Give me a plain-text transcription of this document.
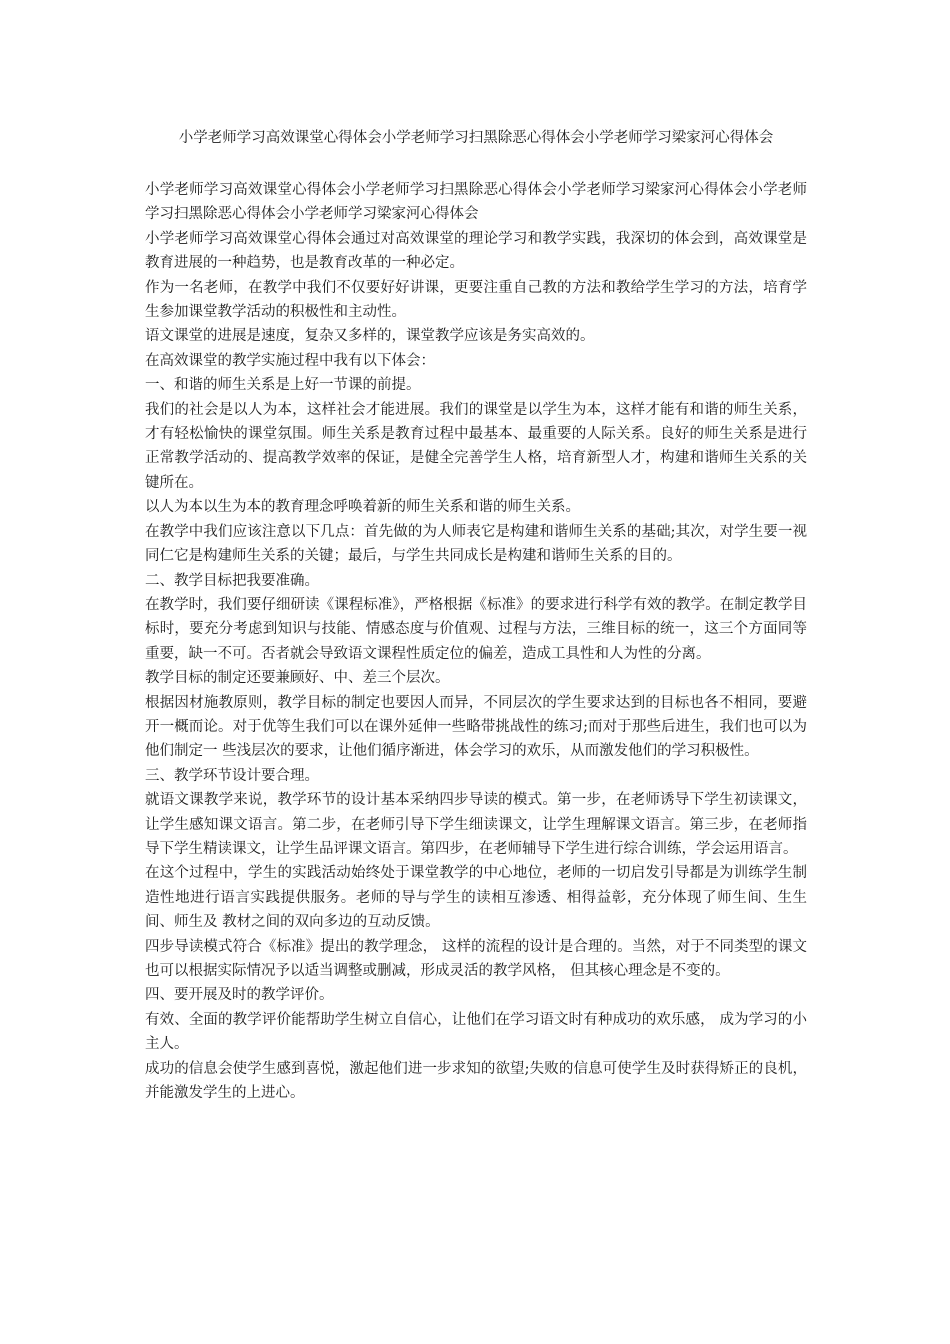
小学老师学习高效课堂心得体会小学老师学习扫黑除恶心得体会小学老师学习梁家河心得体会

小学老师学习高效课堂心得体会小学老师学习扫黑除恶心得体会小学老师学习梁家河心得体会小学老师学习扫黑除恶心得体会小学老师学习梁家河心得体会

小学老师学习高效课堂心得体会通过对高效课堂的理论学习和教学实践，我深切的体会到，高效课堂是教育进展的一种趋势，也是教育改革的一种必定。

作为一名老师，在教学中我们不仅要好好讲课，更要注重自己教的方法和教给学生学习的方法，培育学生参加课堂教学活动的积极性和主动性。

语文课堂的进展是速度，复杂又多样的，课堂教学应该是务实高效的。

在高效课堂的教学实施过程中我有以下体会：

一、和谐的师生关系是上好一节课的前提。

我们的社会是以人为本，这样社会才能进展。我们的课堂是以学生为本，这样才能有和谐的师生关系，才有轻松愉快的课堂氛围。师生关系是教育过程中最基本、最重要的人际关系。良好的师生关系是进行正常教学活动的、提高教学效率的保证，是健全完善学生人格，培育新型人才，构建和谐师生关系的关键所在。

以人为本以生为本的教育理念呼唤着新的师生关系和谐的师生关系。

在教学中我们应该注意以下几点：首先做的为人师表它是构建和谐师生关系的基础;其次，对学生要一视同仁它是构建师生关系的关键；最后，与学生共同成长是构建和谐师生关系的目的。

二、教学目标把我要准确。

在教学时，我们要仔细研读《课程标准》，严格根据《标准》的要求进行科学有效的教学。在制定教学目标时，要充分考虑到知识与技能、情感态度与价值观、过程与方法，三维目标的统一，这三个方面同等重要，缺一不可。否者就会导致语文课程性质定位的偏差，造成工具性和人为性的分离。

教学目标的制定还要兼顾好、中、差三个层次。

根据因材施教原则，教学目标的制定也要因人而异，不同层次的学生要求达到的目标也各不相同，要避开一概而论。对于优等生我们可以在课外延伸一些略带挑战性的练习;而对于那些后进生，我们也可以为他们制定一 些浅层次的要求，让他们循序渐进，体会学习的欢乐，从而激发他们的学习积极性。

三、教学环节设计要合理。

就语文课教学来说，教学环节的设计基本采纳四步导读的模式。第一步，在老师诱导下学生初读课文，让学生感知课文语言。第二步，在老师引导下学生细读课文，让学生理解课文语言。第三步，在老师指导下学生精读课文，让学生品评课文语言。第四步，在老师辅导下学生进行综合训练，学会运用语言。

在这个过程中，学生的实践活动始终处于课堂教学的中心地位，老师的一切启发引导都是为训练学生制造性地进行语言实践提供服务。老师的导与学生的读相互渗透、相得益彰，充分体现了师生间、生生间、师生及 教材之间的双向多边的互动反馈。

四步导读模式符合《标准》提出的教学理念， 这样的流程的设计是合理的。当然，对于不同类型的课文也可以根据实际情况予以适当调整或删减，形成灵活的教学风格， 但其核心理念是不变的。

四、要开展及时的教学评价。

有效、全面的教学评价能帮助学生树立自信心，让他们在学习语文时有种成功的欢乐感， 成为学习的小主人。

成功的信息会使学生感到喜悦，激起他们进一步求知的欲望;失败的信息可使学生及时获得矫正的良机，并能激发学生的上进心。
